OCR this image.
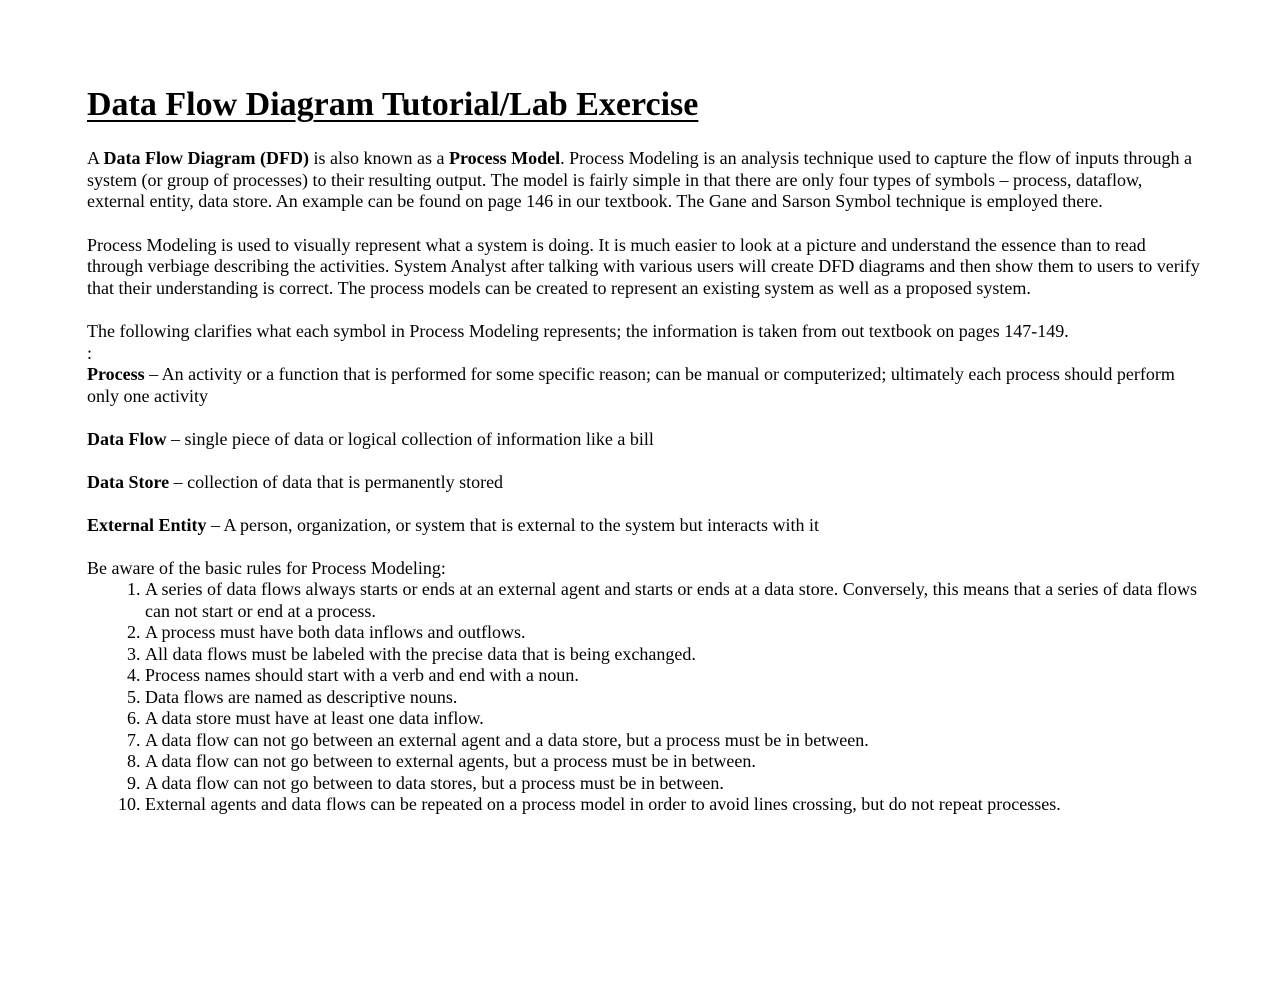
Data Flow Diagram Tutorial/Lab Exercise

A Data Flow Diagram (DFD) is also known as a Process Model. Process Modeling is an analysis technique used to capture the flow of inputs through a system (or group of processes) to their resulting output. The model is fairly simple in that there are only four types of symbols – process, dataflow, external entity, data store. An example can be found on page 146 in our textbook. The Gane and Sarson Symbol technique is employed there.

Process Modeling is used to visually represent what a system is doing. It is much easier to look at a picture and understand the essence than to read through verbiage describing the activities. System Analyst after talking with various users will create DFD diagrams and then show them to users to verify that their understanding is correct. The process models can be created to represent an existing system as well as a proposed system.

The following clarifies what each symbol in Process Modeling represents; the information is taken from out textbook on pages 147-149.

:

Process – An activity or a function that is performed for some specific reason; can be manual or computerized; ultimately each process should perform only one activity

Data Flow – single piece of data or logical collection of information like a bill

Data Store – collection of data that is permanently stored

External Entity – A person, organization, or system that is external to the system but interacts with it

Be aware of the basic rules for Process Modeling:

1. A series of data flows always starts or ends at an external agent and starts or ends at a data store. Conversely, this means that a series of data flows can not start or end at a process.
2. A process must have both data inflows and outflows.
3. All data flows must be labeled with the precise data that is being exchanged.
4. Process names should start with a verb and end with a noun.
5. Data flows are named as descriptive nouns.
6. A data store must have at least one data inflow.
7. A data flow can not go between an external agent and a data store, but a process must be in between.
8. A data flow can not go between to external agents, but a process must be in between.
9. A data flow can not go between to data stores, but a process must be in between.
10. External agents and data flows can be repeated on a process model in order to avoid lines crossing, but do not repeat processes.
